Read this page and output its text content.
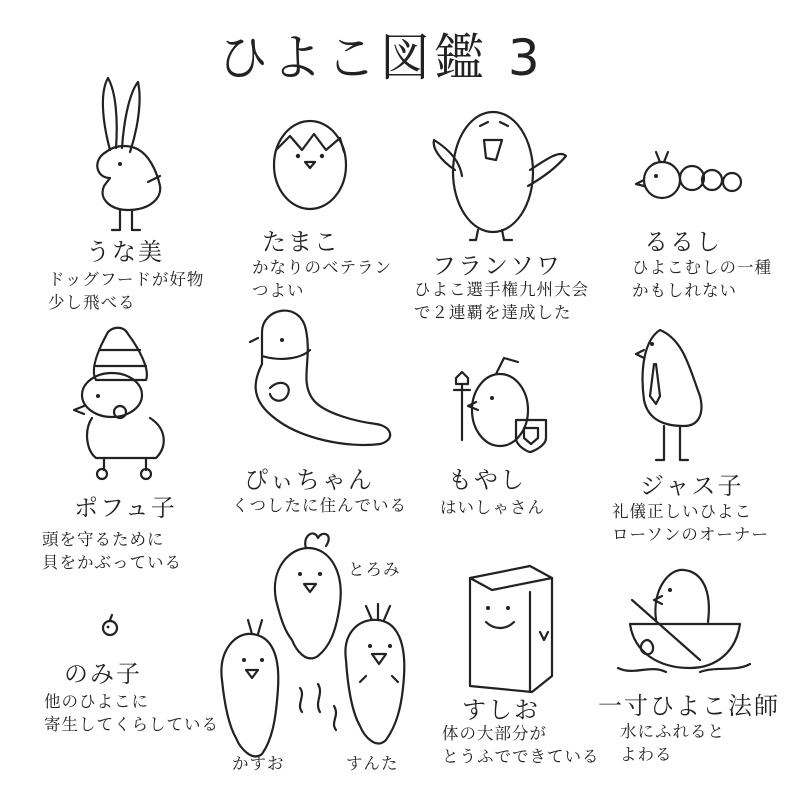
ひよこ図鑑 3
うな美
ドッグフードが好物
少し飛べる
たまこ
かなりのベテラン
つよい
フランソワ
ひよこ選手権九州大会
で２連覇を達成した
るるし
ひよこむしの一種
かもしれない
ポフュ子
頭を守るために
貝をかぶっている
ぴぃちゃん
くつしたに住んでいる
もやし
はいしゃさん
ジャス子
礼儀正しいひよこ
ローソンのオーナー
のみ子
他のひよこに
寄生してくらしている
とろみ
かすお	すんた
すしお
体の大部分が
とうふでできている
一寸ひよこ法師
水にふれると
よわる
